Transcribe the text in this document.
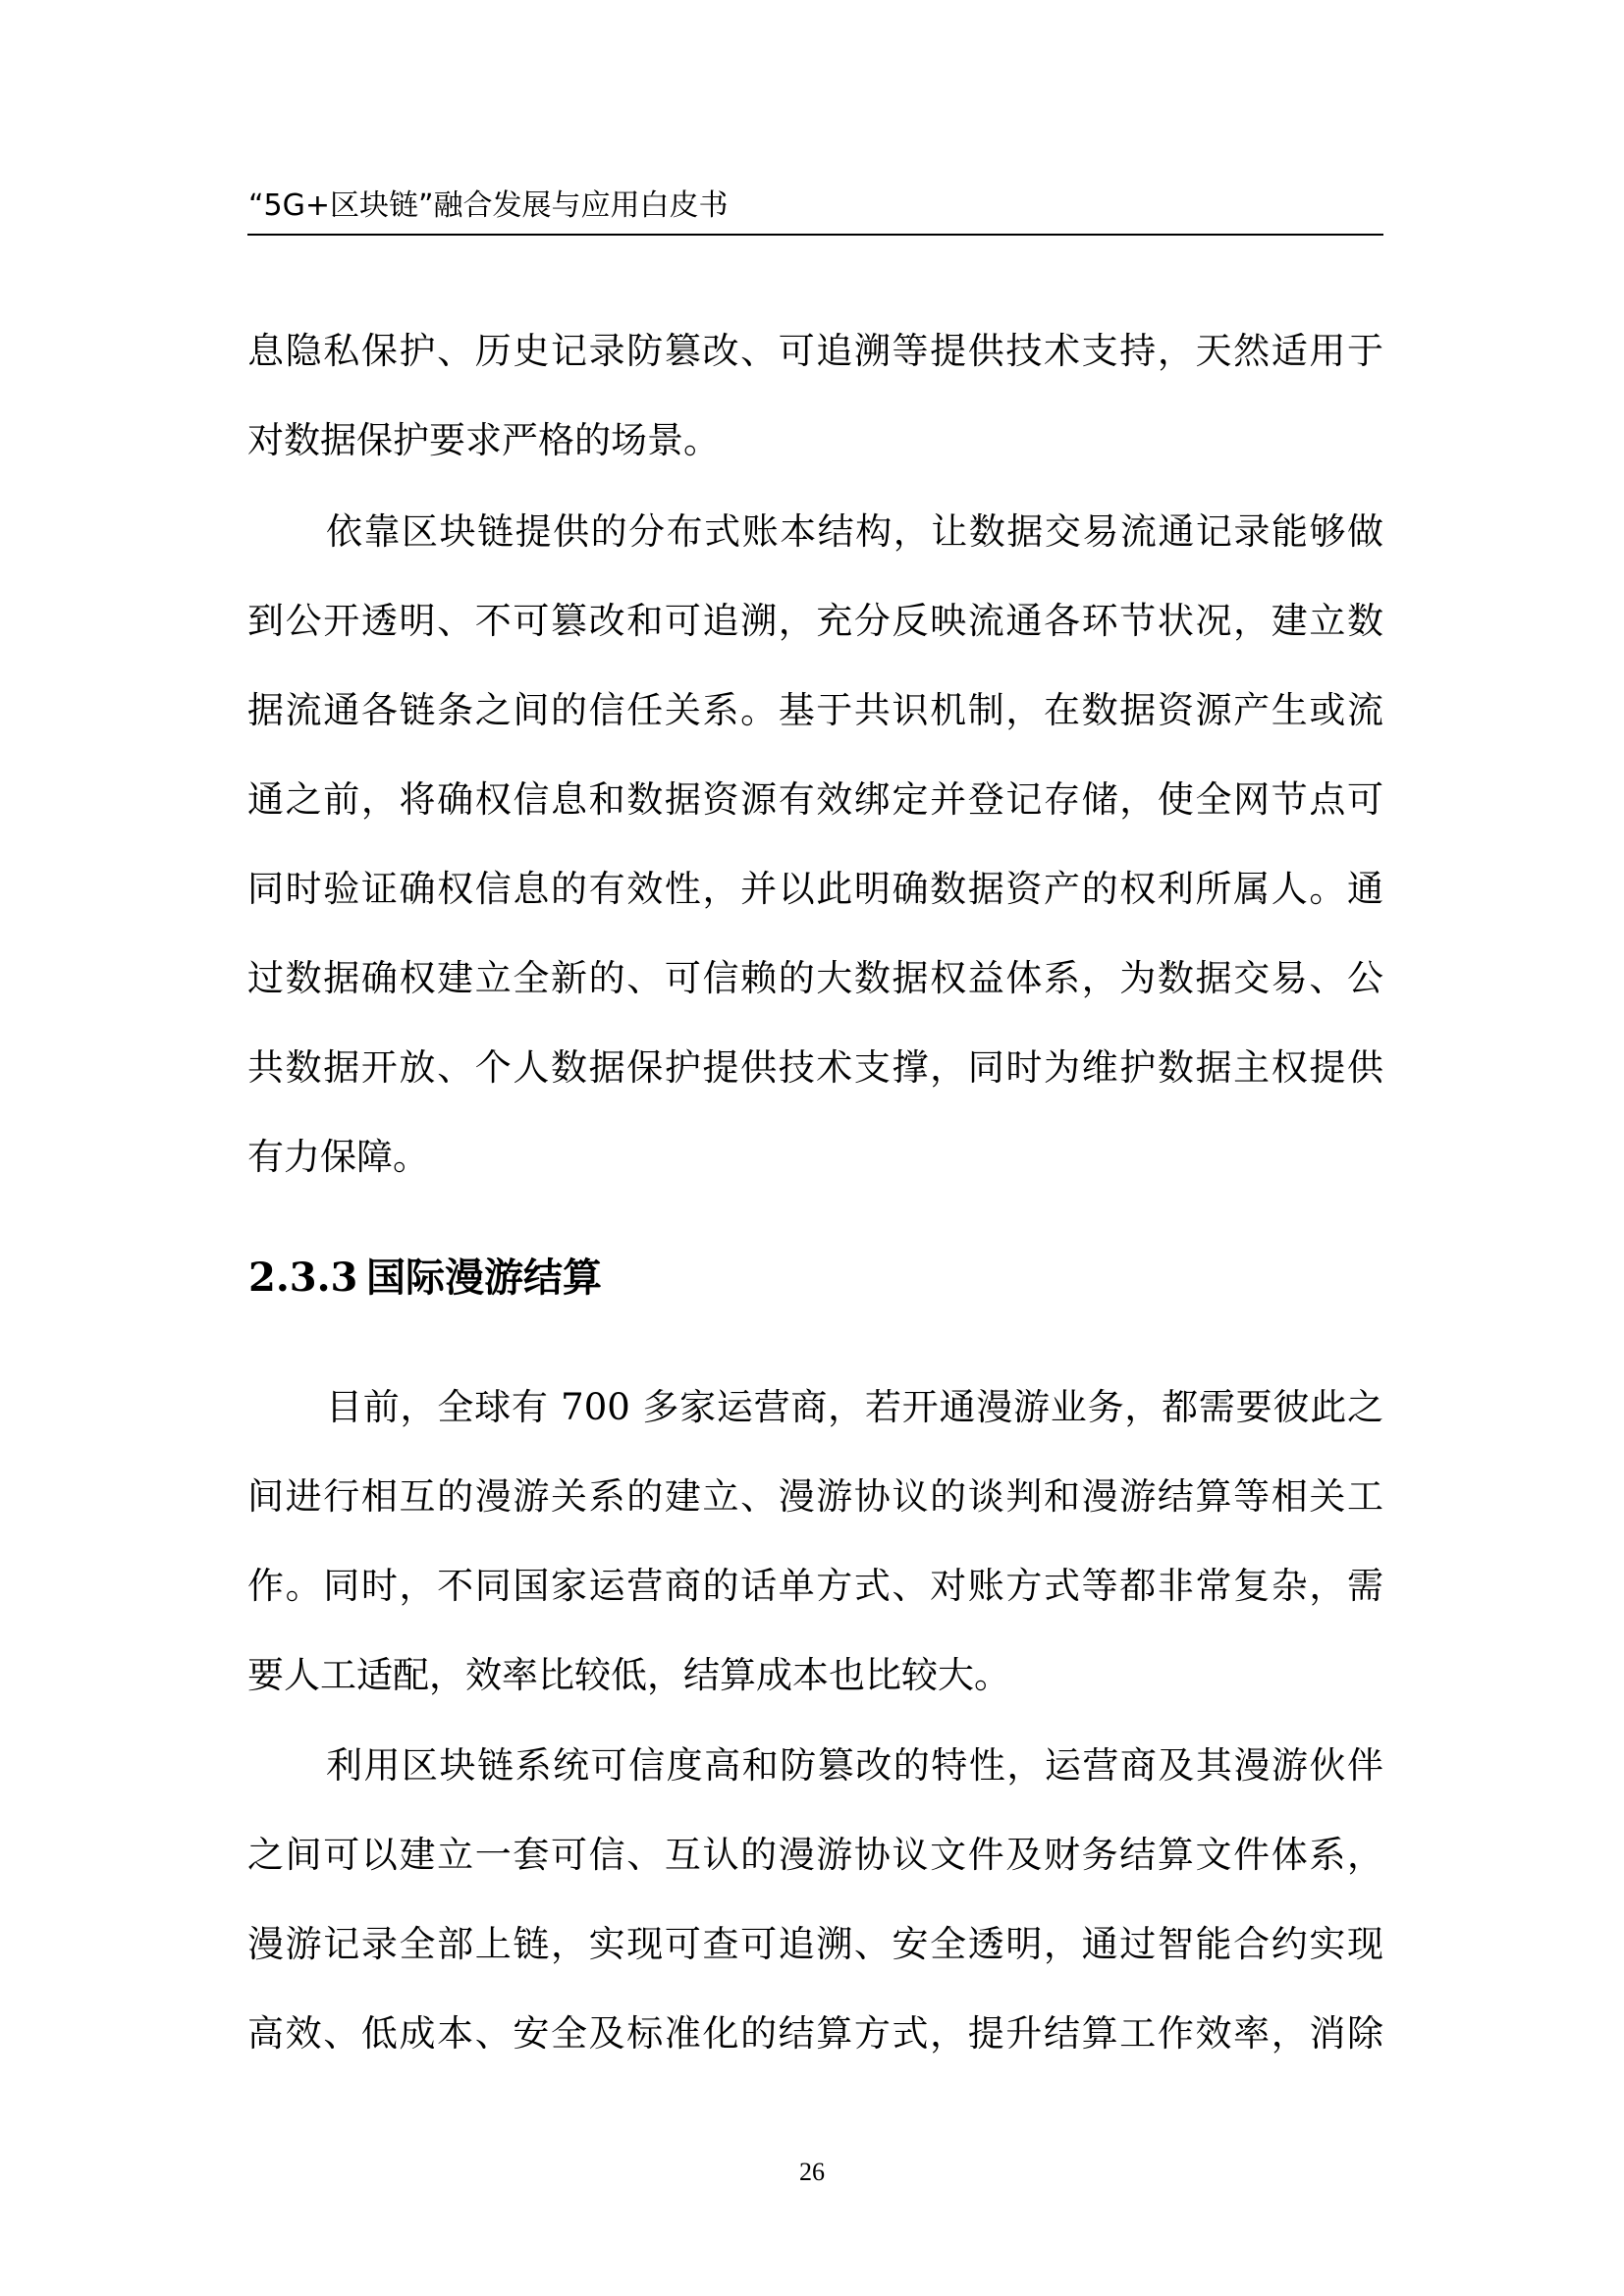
“5G+区块链”融合发展与应用白皮书
息隐私保护、历史记录防篡改、可追溯等提供技术支持，天然适用于
对数据保护要求严格的场景。
依靠区块链提供的分布式账本结构，让数据交易流通记录能够做
到公开透明、不可篡改和可追溯，充分反映流通各环节状况，建立数
据流通各链条之间的信任关系。基于共识机制，在数据资源产生或流
通之前，将确权信息和数据资源有效绑定并登记存储，使全网节点可
同时验证确权信息的有效性，并以此明确数据资产的权利所属人。通
过数据确权建立全新的、可信赖的大数据权益体系，为数据交易、公
共数据开放、个人数据保护提供技术支撑，同时为维护数据主权提供
有力保障。
2.3.3 国际漫游结算
目前，全球有 700 多家运营商，若开通漫游业务，都需要彼此之
间进行相互的漫游关系的建立、漫游协议的谈判和漫游结算等相关工
作。同时，不同国家运营商的话单方式、对账方式等都非常复杂，需
要人工适配，效率比较低，结算成本也比较大。
利用区块链系统可信度高和防篡改的特性，运营商及其漫游伙伴
之间可以建立一套可信、互认的漫游协议文件及财务结算文件体系，
漫游记录全部上链，实现可查可追溯、安全透明，通过智能合约实现
高效、低成本、安全及标准化的结算方式，提升结算工作效率，消除
26
